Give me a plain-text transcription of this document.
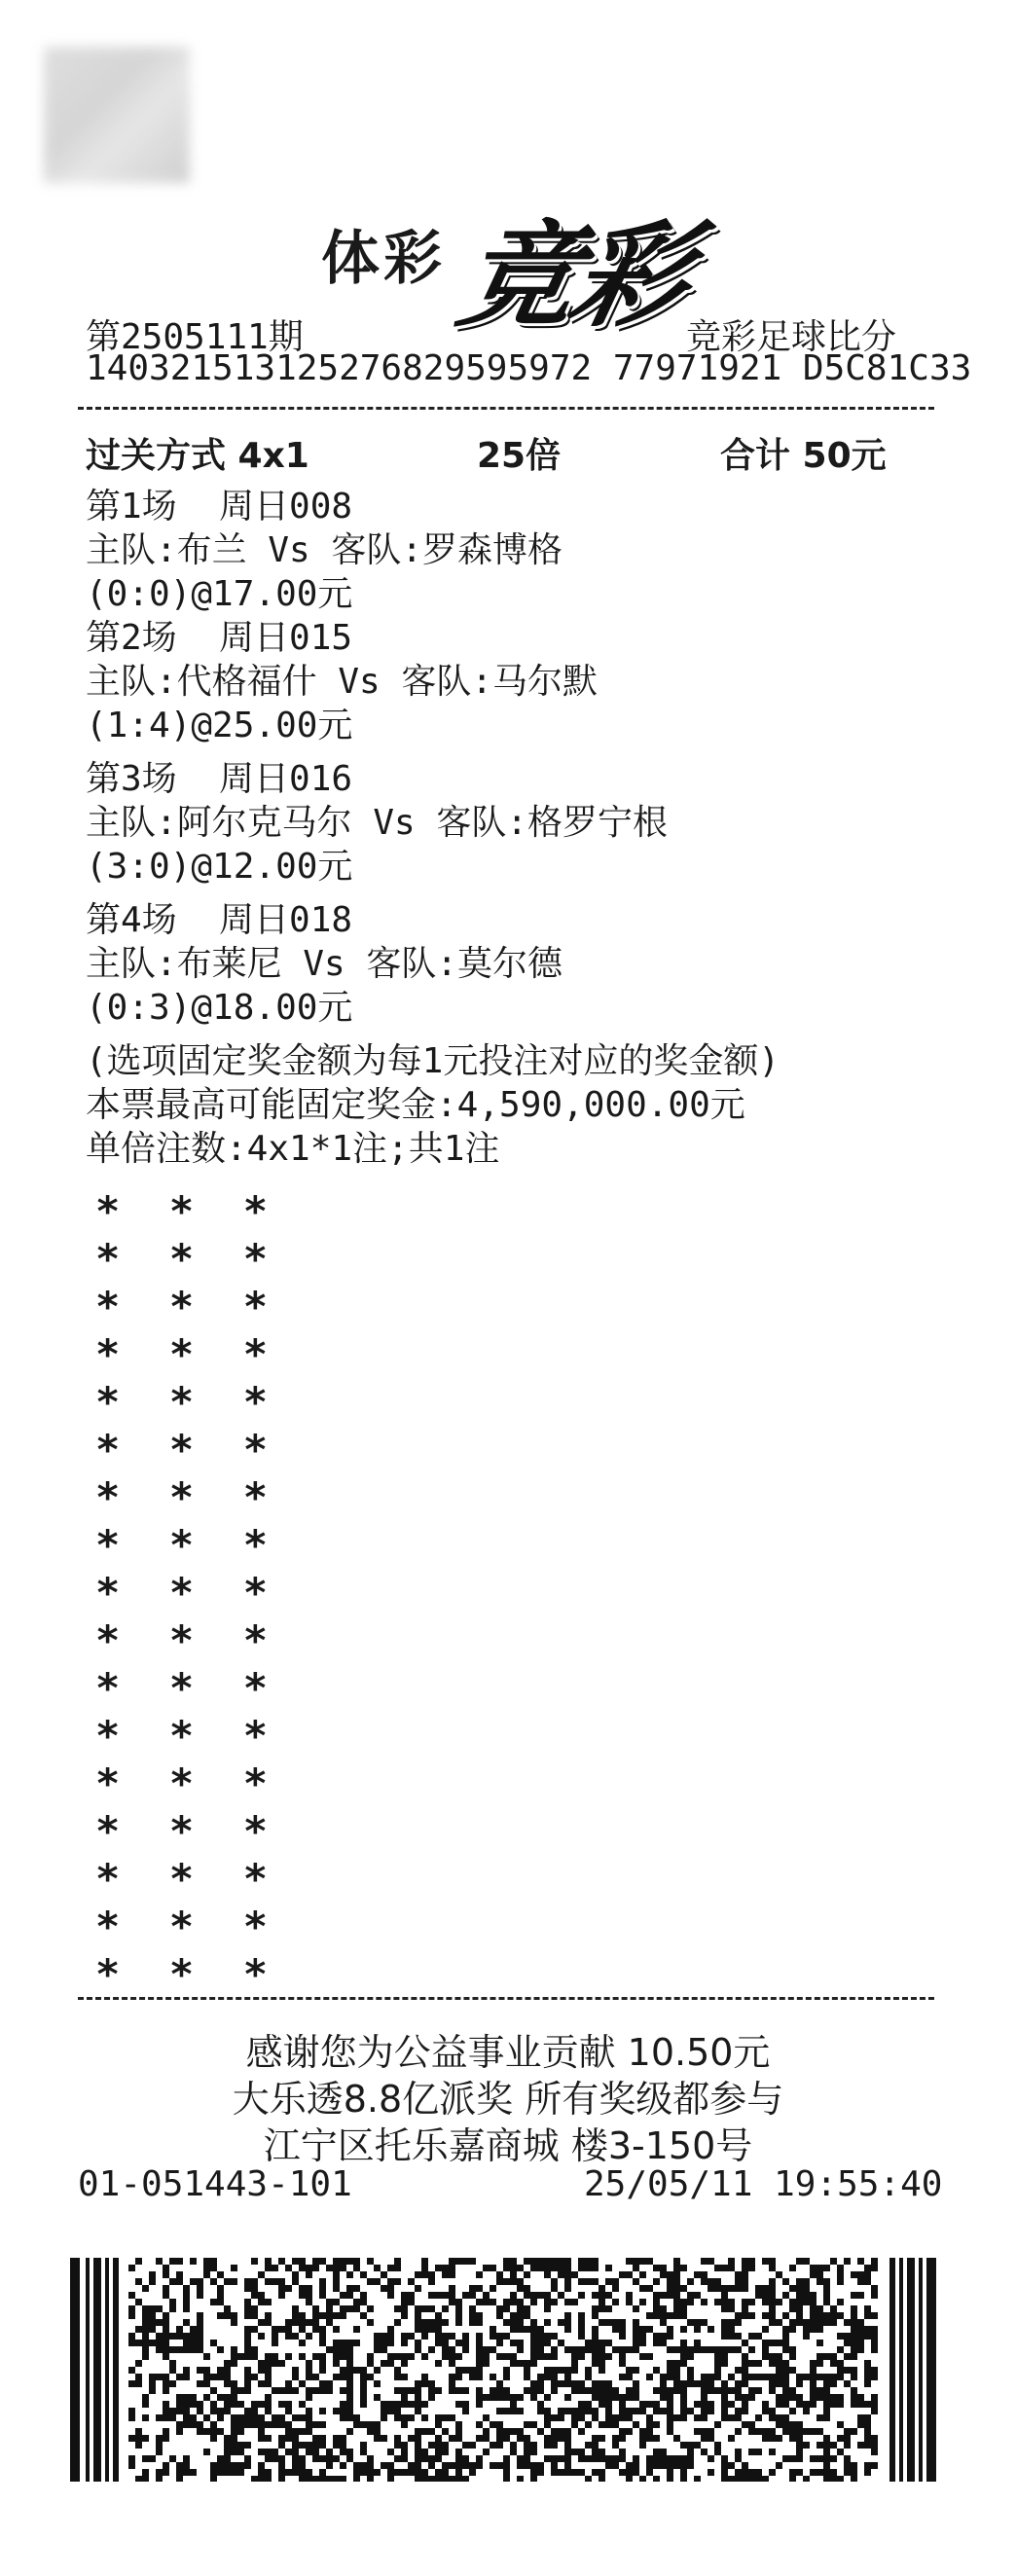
体彩 竞彩
第2505111期	竞彩足球比分
140321513125276829595972 77971921 D5C81C33
过关方式 4x1	25倍	合计 50元
第1场  周日008
主队:布兰 Vs 客队:罗森博格
(0:0)@17.00元
第2场  周日015
主队:代格福什 Vs 客队:马尔默
(1:4)@25.00元
第3场  周日016
主队:阿尔克马尔 Vs 客队:格罗宁根
(3:0)@12.00元
第4场  周日018
主队:布莱尼 Vs 客队:莫尔德
(0:3)@18.00元
(选项固定奖金额为每1元投注对应的奖金额)
本票最高可能固定奖金:4,590,000.00元
单倍注数:4x1*1注;共1注
*  *  *
*  *  *
*  *  *
*  *  *
*  *  *
*  *  *
*  *  *
*  *  *
*  *  *
*  *  *
*  *  *
*  *  *
*  *  *
*  *  *
*  *  *
*  *  *
*  *  *
感谢您为公益事业贡献 10.50元
大乐透8.8亿派奖 所有奖级都参与
江宁区托乐嘉商城 楼3-150号
01-051443-101	25/05/11 19:55:40
